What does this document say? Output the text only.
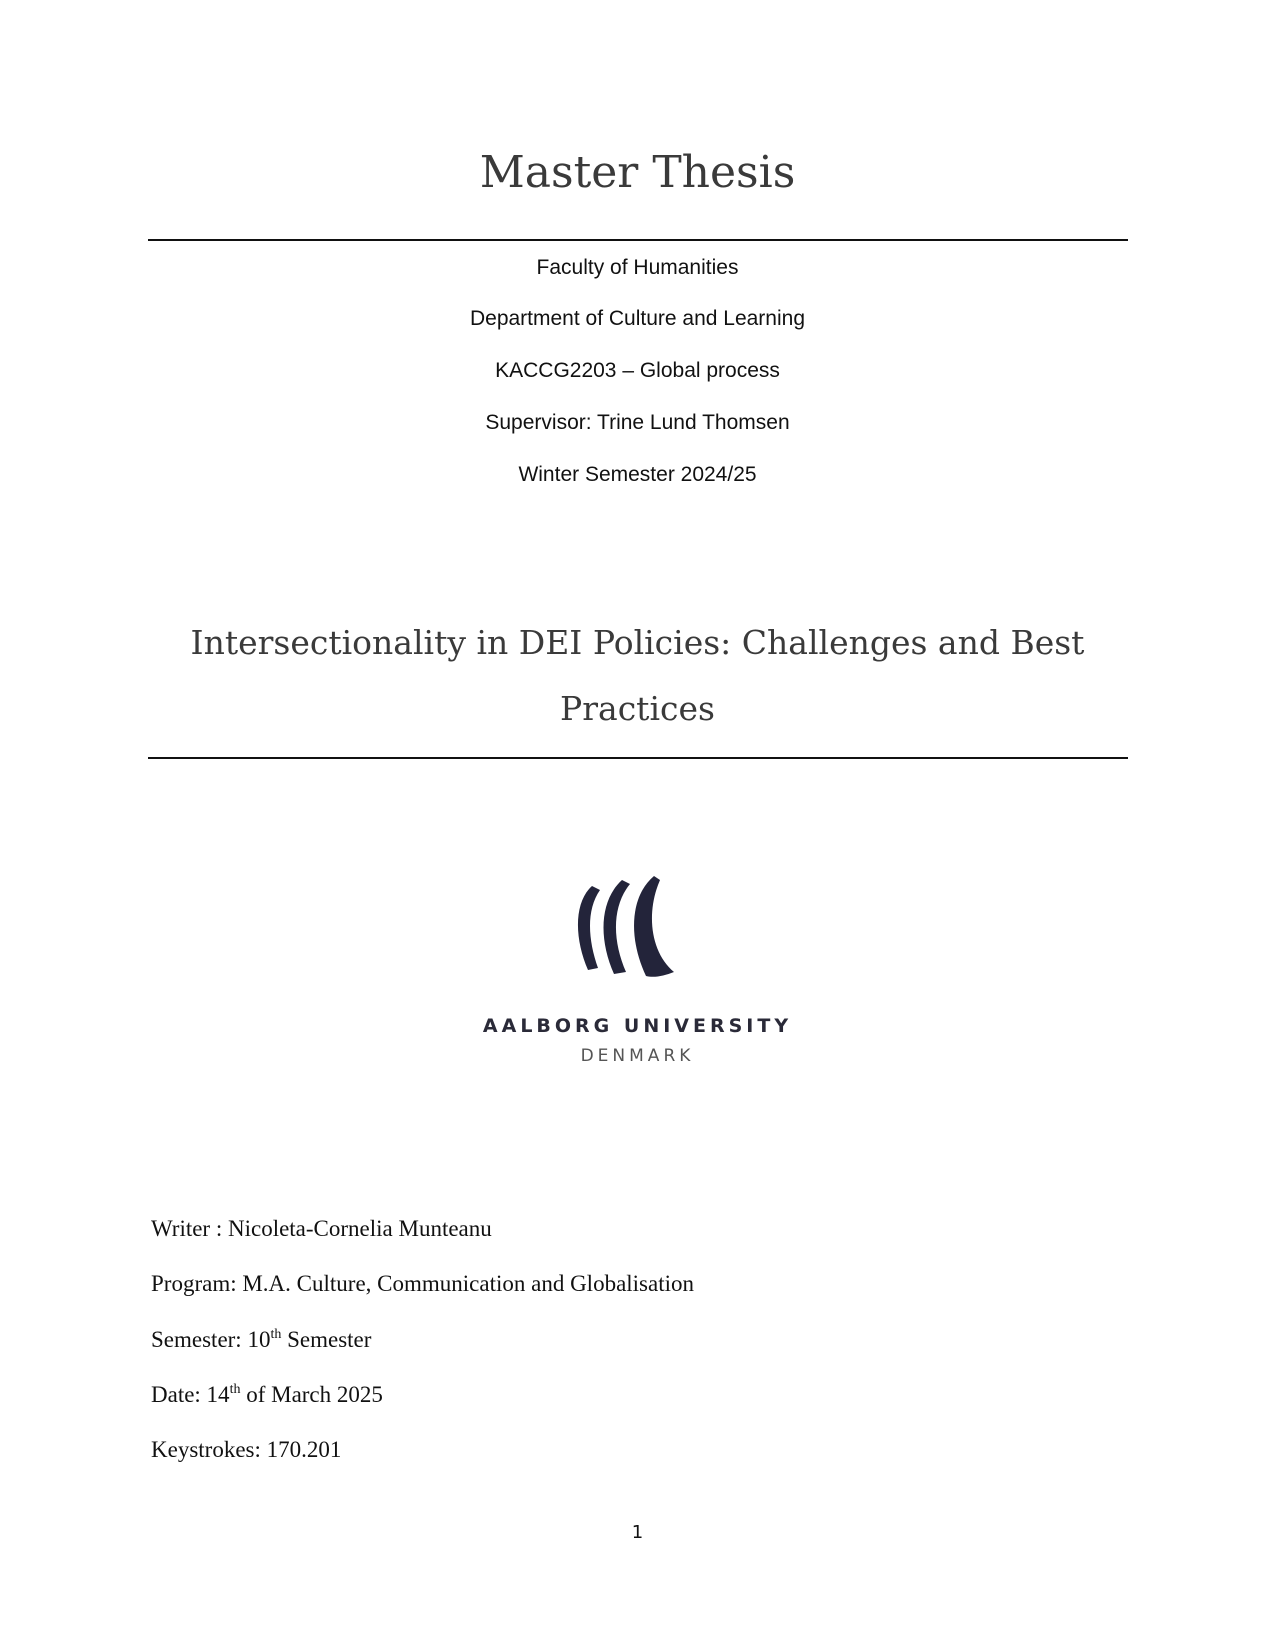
Master Thesis
Faculty of Humanities
Department of Culture and Learning
KACCG2203 – Global process
Supervisor: Trine Lund Thomsen
Winter Semester 2024/25
Intersectionality in DEI Policies: Challenges and Best Practices
AALBORG UNIVERSITY
DENMARK
Writer : Nicoleta-Cornelia Munteanu
Program: M.A. Culture, Communication and Globalisation
Semester: 10th Semester
Date: 14th of March 2025
Keystrokes: 170.201
1
